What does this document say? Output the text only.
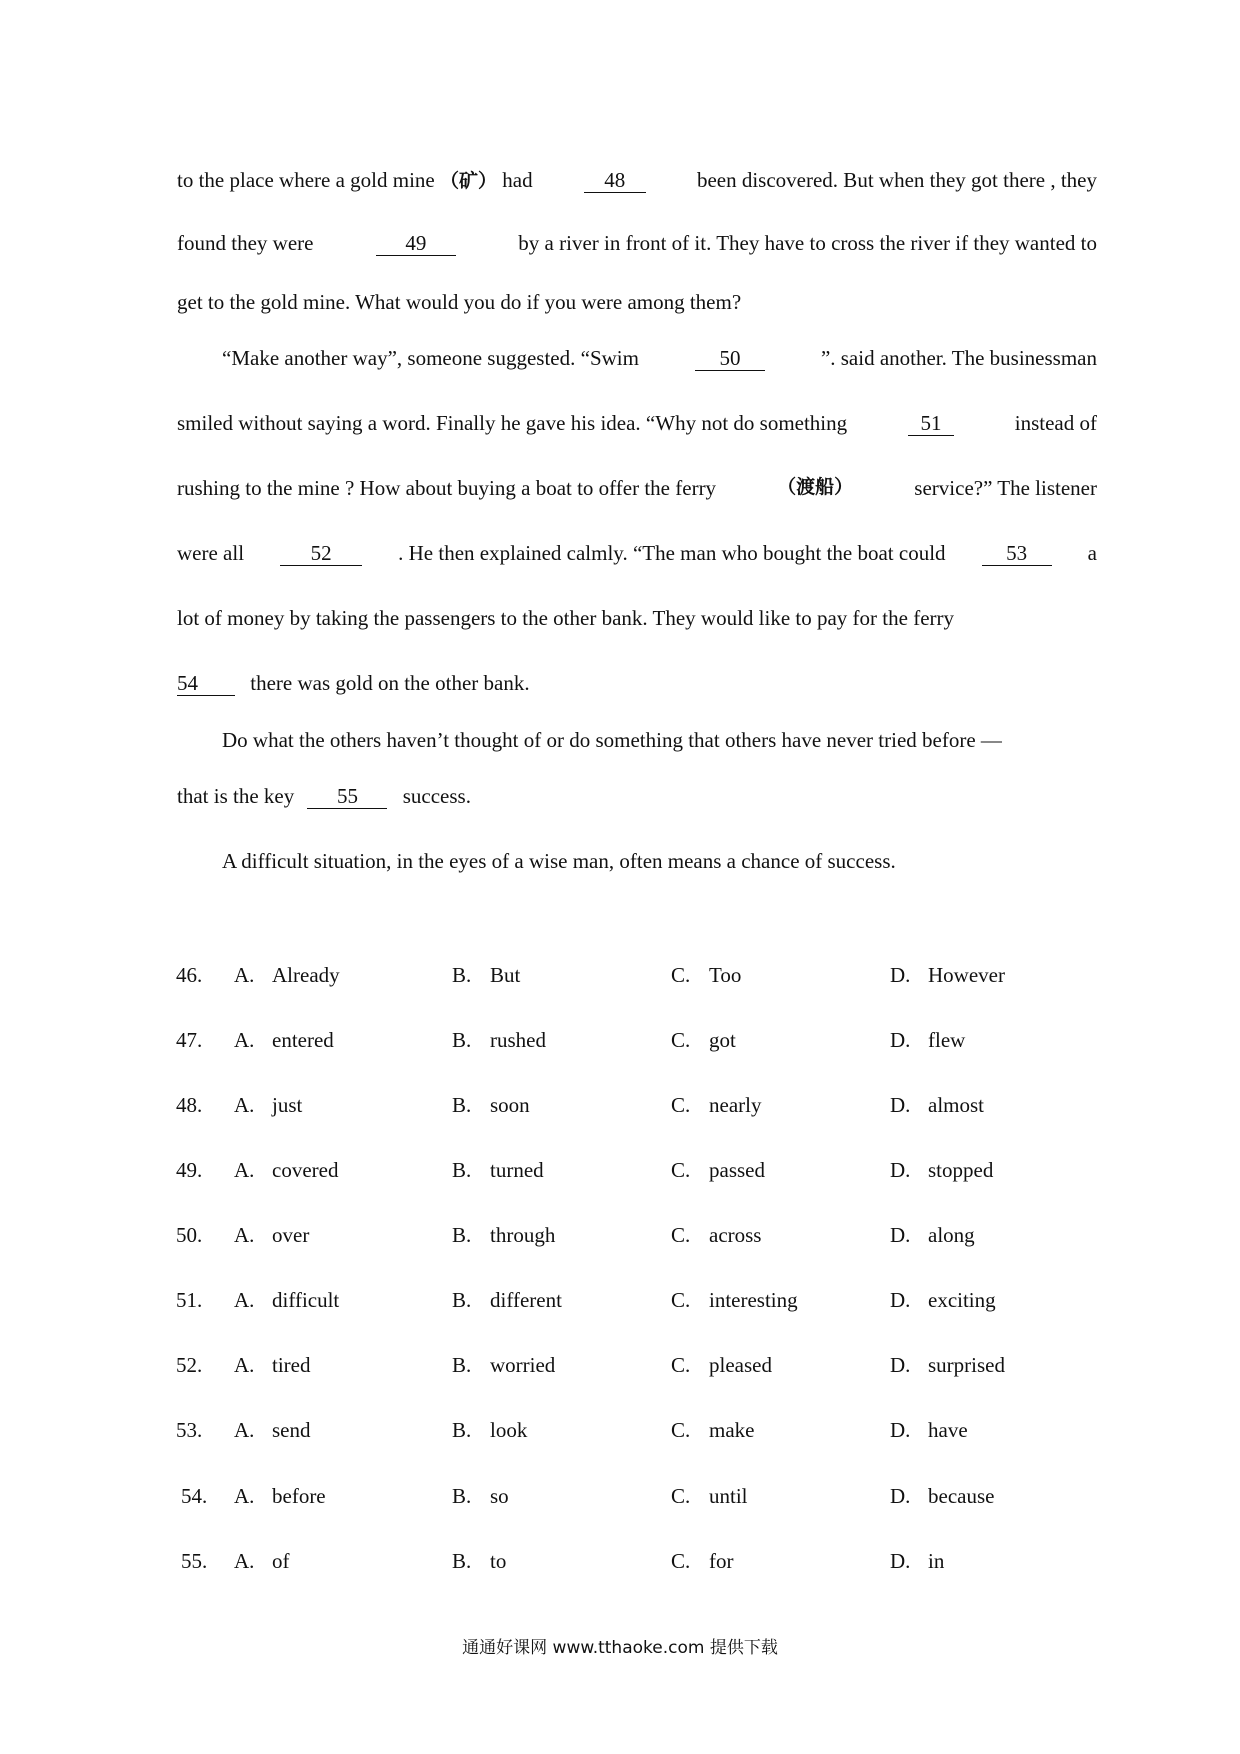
to the place where a gold mine （矿） had	48	been discovered. But when they got there , they
found they were	49	by a river in front of it. They have to cross the river if they wanted to
get to the gold mine. What would you do if you were among them?
“Make another way”, someone suggested. “Swim	50	”. said another. The businessman
smiled without saying a word. Finally he gave his idea. “Why not do something	51	instead of
rushing to the mine ? How about buying a boat to offer the ferry	（渡船）	service?” The listener
were all	52	. He then explained calmly. “The man who bought the boat could	53	a
lot of money by taking the passengers to the other bank. They would like to pay for the ferry
54 there was gold on the other bank.
Do what the others haven’t thought of or do something that others have never tried before —
that is the key 55 success.
A difficult situation, in the eyes of a wise man, often means a chance of success.
46. A. Already	B. But	C. Too	D. However
47. A. entered	B. rushed	C. got	D. flew
48. A. just	B. soon	C. nearly	D. almost
49. A. covered	B. turned	C. passed	D. stopped
50. A. over	B. through	C. across	D. along
51. A. difficult	B. different	C. interesting	D. exciting
52. A. tired	B. worried	C. pleased	D. surprised
53. A. send	B. look	C. make	D. have
54. A. before	B. so	C. until	D. because
55. A. of	B. to	C. for	D. in
通通好课网 www.tthaoke.com 提供下载
